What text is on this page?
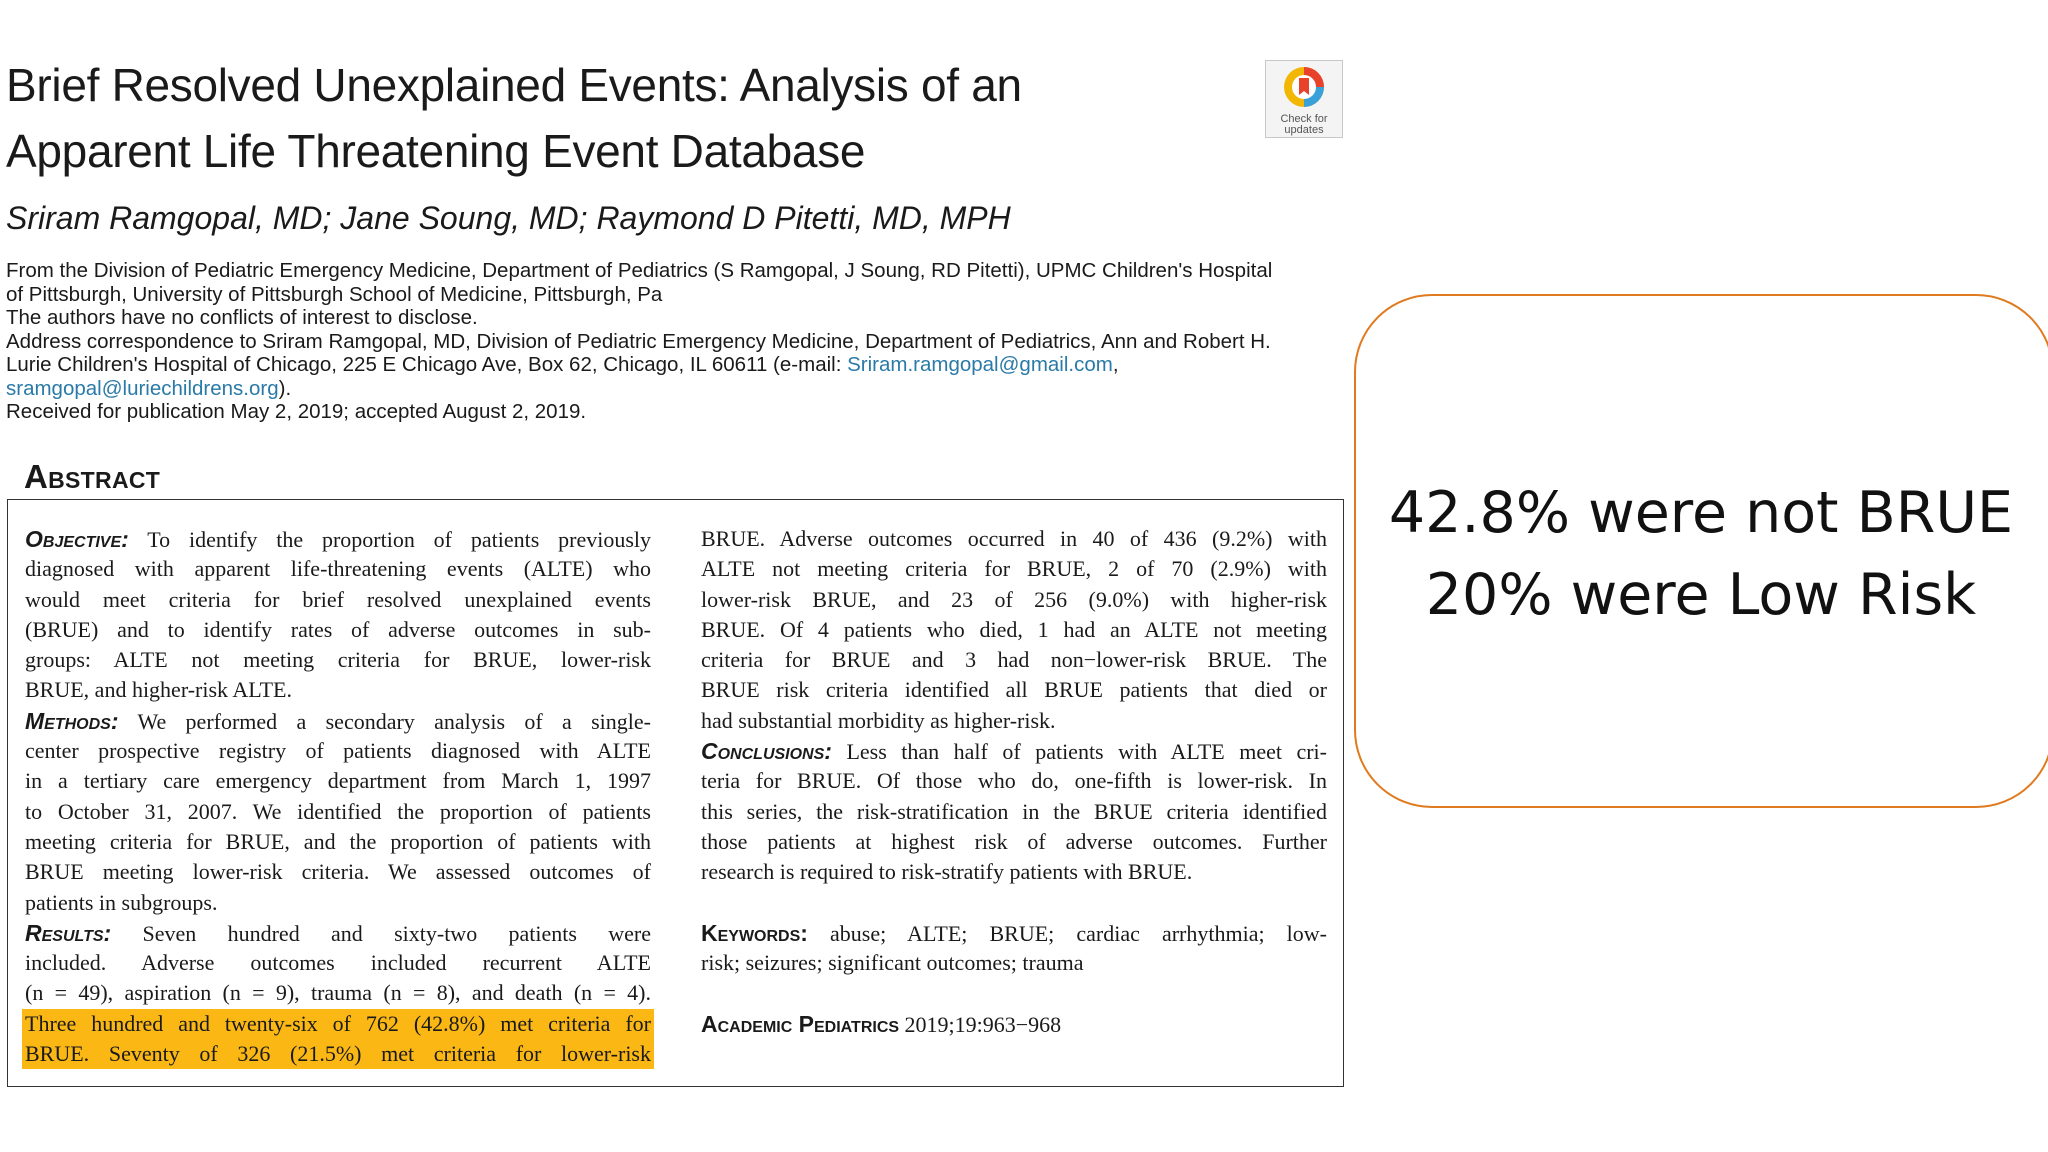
Brief Resolved Unexplained Events: Analysis of an
Apparent Life Threatening Event Database
Check for
updates
Sriram Ramgopal, MD; Jane Soung, MD; Raymond D Pitetti, MD, MPH
From the Division of Pediatric Emergency Medicine, Department of Pediatrics (S Ramgopal, J Soung, RD Pitetti), UPMC Children's Hospital
of Pittsburgh, University of Pittsburgh School of Medicine, Pittsburgh, Pa
The authors have no conflicts of interest to disclose.
Address correspondence to Sriram Ramgopal, MD, Division of Pediatric Emergency Medicine, Department of Pediatrics, Ann and Robert H.
Lurie Children's Hospital of Chicago, 225 E Chicago Ave, Box 62, Chicago, IL 60611 (e-mail: Sriram.ramgopal@gmail.com,
sramgopal@luriechildrens.org).
Received for publication May 2, 2019; accepted August 2, 2019.
Abstract
Objective: To identify the proportion of patients previously
diagnosed with apparent life-threatening events (ALTE) who
would meet criteria for brief resolved unexplained events
(BRUE) and to identify rates of adverse outcomes in sub-
groups: ALTE not meeting criteria for BRUE, lower-risk
BRUE, and higher-risk ALTE.
Methods: We performed a secondary analysis of a single-
center prospective registry of patients diagnosed with ALTE
in a tertiary care emergency department from March 1, 1997
to October 31, 2007. We identified the proportion of patients
meeting criteria for BRUE, and the proportion of patients with
BRUE meeting lower-risk criteria. We assessed outcomes of
patients in subgroups.
Results: Seven hundred and sixty-two patients were
included. Adverse outcomes included recurrent ALTE
(n = 49), aspiration (n = 9), trauma (n = 8), and death (n = 4).
Three hundred and twenty-six of 762 (42.8%) met criteria for
BRUE. Seventy of 326 (21.5%) met criteria for lower-risk
BRUE. Adverse outcomes occurred in 40 of 436 (9.2%) with
ALTE not meeting criteria for BRUE, 2 of 70 (2.9%) with
lower-risk BRUE, and 23 of 256 (9.0%) with higher-risk
BRUE. Of 4 patients who died, 1 had an ALTE not meeting
criteria for BRUE and 3 had non−lower-risk BRUE. The
BRUE risk criteria identified all BRUE patients that died or
had substantial morbidity as higher-risk.
Conclusions: Less than half of patients with ALTE meet cri-
teria for BRUE. Of those who do, one-fifth is lower-risk. In
this series, the risk-stratification in the BRUE criteria identified
those patients at highest risk of adverse outcomes. Further
research is required to risk-stratify patients with BRUE.
Keywords: abuse; ALTE; BRUE; cardiac arrhythmia; low-
risk; seizures; significant outcomes; trauma
Academic Pediatrics 2019;19:963−968
42.8% were not BRUE
20% were Low Risk
